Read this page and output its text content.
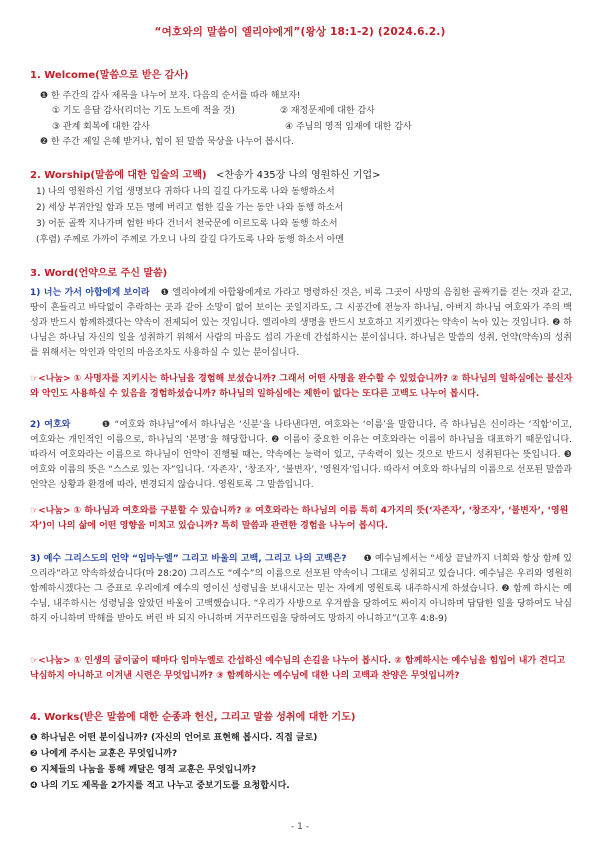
“여호와의 말씀이 엘리야에게”(왕상 18:1-2) (2024.6.2.)
1. Welcome(말씀으로 받은 감사)
❶ 한 주간의 감사 제목을 나누어 보자. 다음의 순서를 따라 해보자!
① 기도 응답 감사(리더는 기도 노트에 적을 것)	② 재정문제에 대한 감사
③ 관계 회복에 대한 감사	④ 주님의 영적 임재에 대한 감사
❷ 한 주간 제일 은혜 받거나, 힘이 된 말씀 묵상을 나누어 봅시다.
2. Worship(말씀에 대한 입술의 고백) <찬송가 435장 나의 영원하신 기업>
1) 나의 영원하신 기업 생명보다 귀하다 나의 길길 다가도록 나와 동행하소서
2) 세상 부귀안일 함과 모든 명예 버리고 험한 길을 가는 동안 나와 동행 하소서
3) 어둔 골짝 지나가며 험한 바다 건너서 천국문에 이르도록 나와 동행 하소서
(후렴) 주께로 가까이 주께로 가오니 나의 갈길 다가도록 나와 동행 하소서 아멘
3. Word(언약으로 주신 말씀)
1) 너는 가서 아합에게 보이라 ❶ 엘리야에게 아합왕에게로 가라고 명령하신 것은, 비록 그곳이 사망의 음침한 골짜기를 걷는 것과 같고, 땅이 흔들리고 바닥없이 추락하는 곳과 같아 소망이 없어 보이는 곳일지라도, 그 시공간에 전능자 하나님, 아버지 하나님 여호와가 주의 백성과 반드시 함께하겠다는 약속이 전제되어 있는 것입니다. 엘리야의 생명을 반드시 보호하고 지키겠다는 약속이 녹아 있는 것입니다. ❷ 하나님은 하나님 자신의 일을 성취하기 위해서 사람의 마음도 섭리 가운데 간섭하시는 분이십니다. 하나님은 말씀의 성취, 언약(약속)의 성취를 위해서는 악인과 악인의 마음조차도 사용하실 수 있는 분이십니다.
☞<나눔> ① 사명자를 지키시는 하나님을 경험해 보셨습니까? 그래서 어떤 사명을 완수할 수 있었습니까? ② 하나님의 일하심에는 불신자와 악인도 사용하실 수 있음을 경험하셨습니까? 하나님의 일하심에는 제한이 없다는 또다른 고백도 나누어 봅시다.
2) 여호와	❶ “여호와 하나님”에서 하나님은 ‘신분’을 나타낸다면, 여호와는 ‘이름’을 말합니다. 즉 하나님은 신이라는 ‘직함’이고, 여호와는 개인적인 이름으로, 하나님의 ‘본명’을 해당합니다. ❷ 이름이 중요한 이유는 여호와라는 이름이 하나님을 대표하기 때문입니다. 따라서 여호와라는 이름으로 하나님이 언약이 진행될 때는, 약속에는 능력이 있고, 구속력이 있는 것으로 반드시 성취된다는 뜻입니다. ❸ 여호와 이름의 뜻은 “스스로 있는 자”입니다. ‘자존자’, ‘창조자’, ‘불변자’, ‘영원자’입니다. 따라서 여호와 하나님의 이름으로 선포된 말씀과 언약은 상황과 환경에 따라, 변경되지 않습니다. 영원토록 그 말씀입니다.
☞<나눔> ① 하나님과 여호와를 구분할 수 있습니까? ② 여호와라는 하나님의 이름 특히 4가지의 뜻(‘자존자’, ‘창조자’, ‘불변자’, ‘영원자’)이 나의 삶에 어떤 영향을 미치고 있습니까? 특히 말씀과 관련한 경험을 나누어 봅시다.
3) 예수 그리스도의 언약 “임마누엘” 그리고 바울의 고백, 그리고 나의 고백은? ❶ 예수님께서는 “세상 끝날까지 너희와 항상 함께 있으리라”라고 약속하셨습니다(마 28:20) 그리스도 “예수”의 이름으로 선포된 약속이니 그대로 성취되고 있습니다. 예수님은 우리와 영원히 함께하시겠다는 그 증표로 우리에게 예수의 영이신 성령님을 보내시고는 믿는 자에게 영원토록 내주하시게 하셨습니다. ❷ 함께 하시는 예수님, 내주하시는 성령님을 알았던 바울이 고백했습니다. “우리가 사방으로 우겨쌈을 당하여도 싸이지 아니하며 답답한 일을 당하여도 낙심하지 아니하며 박해를 받아도 버린 바 되지 아니하며 거꾸러뜨림을 당하여도 망하지 아니하고”(고후 4:8-9)
☞<나눔> ① 인생의 굽이굽이 때마다 임마누엘로 간섭하신 예수님의 손길을 나누어 봅시다. ② 함께하시는 예수님을 힘입어 내가 견디고 낙심하지 아니하고 이겨낸 시련은 무엇입니까? ③ 함께하시는 예수님에 대한 나의 고백과 찬양은 무엇입니까?
4. Works(받은 말씀에 대한 순종과 헌신, 그리고 말씀 성취에 대한 기도)
❶ 하나님은 어떤 분이십니까? (자신의 언어로 표현해 봅시다. 직접 글로)
❷ 나에게 주시는 교훈은 무엇입니까?
❸ 지체들의 나눔을 통해 깨달은 영적 교훈은 무엇입니까?
❹ 나의 기도 제목을 2가지를 적고 나누고 중보기도를 요청합시다.
- 1 -
